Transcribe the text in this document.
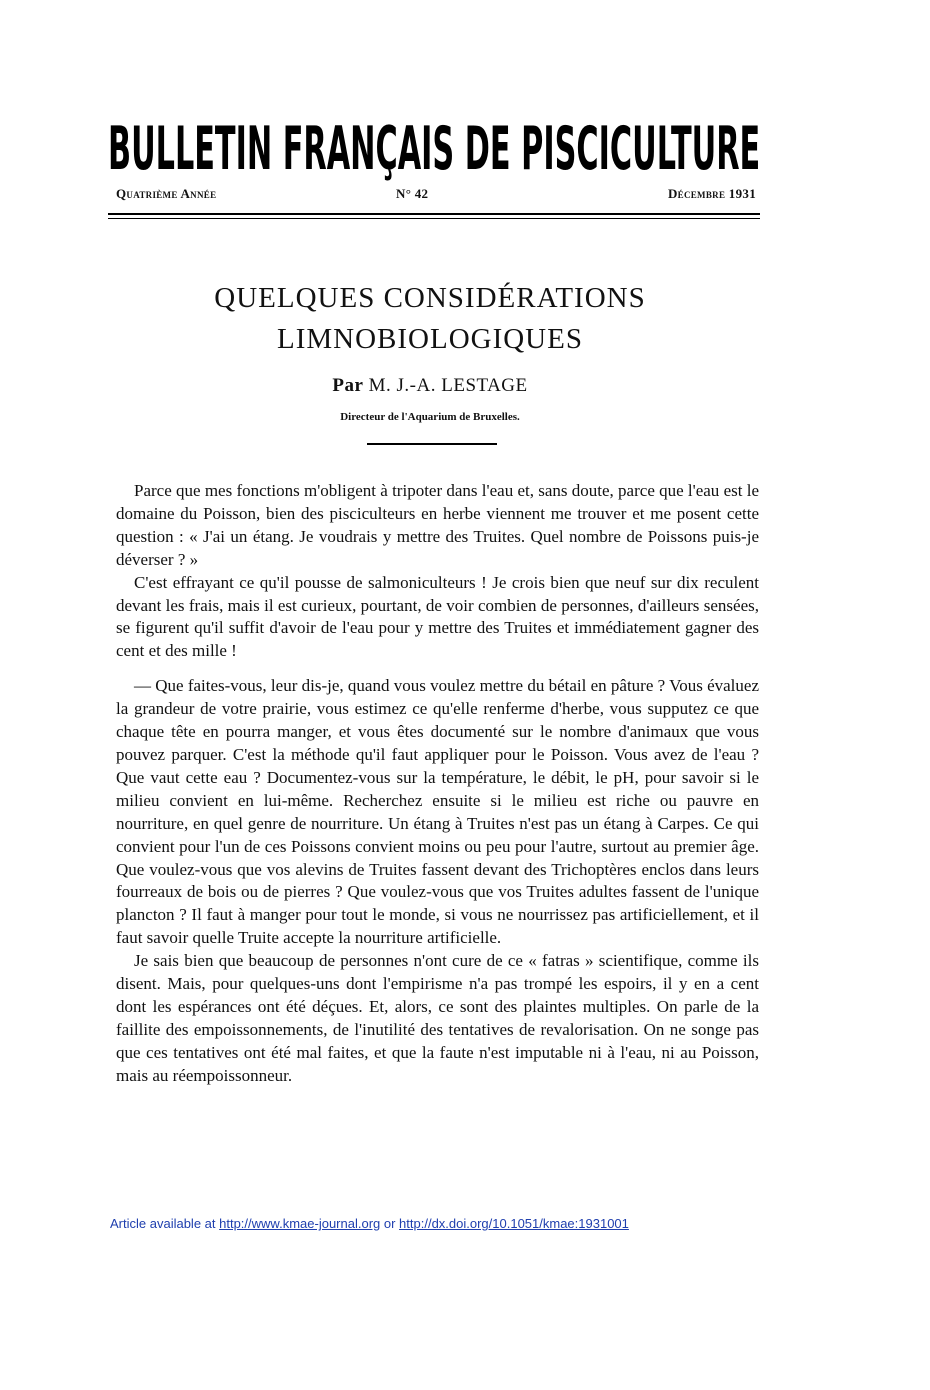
BULLETIN FRANÇAIS DE PISCICULTURE
Quatrième Année	N° 42	Décembre 1931
QUELQUES CONSIDÉRATIONS
LIMNOBIOLOGIQUES
Par M. J.-A. LESTAGE
Directeur de l'Aquarium de Bruxelles.

Parce que mes fonctions m'obligent à tripoter dans l'eau et, sans doute, parce que l'eau est le domaine du Poisson, bien des pisciculteurs en herbe viennent me trouver et me posent cette question : « J'ai un étang. Je voudrais y mettre des Truites. Quel nombre de Poissons puis-je déverser ? »

C'est effrayant ce qu'il pousse de salmoniculteurs ! Je crois bien que neuf sur dix reculent devant les frais, mais il est curieux, pourtant, de voir combien de personnes, d'ailleurs sensées, se figurent qu'il suffit d'avoir de l'eau pour y mettre des Truites et immédiatement gagner des cent et des mille !

— Que faites-vous, leur dis-je, quand vous voulez mettre du bétail en pâture ? Vous évaluez la grandeur de votre prairie, vous estimez ce qu'elle renferme d'herbe, vous supputez ce que chaque tête en pourra manger, et vous êtes documenté sur le nombre d'animaux que vous pouvez parquer. C'est la méthode qu'il faut appliquer pour le Poisson. Vous avez de l'eau ? Que vaut cette eau ? Documentez-vous sur la température, le débit, le pH, pour savoir si le milieu convient en lui-même. Recherchez ensuite si le milieu est riche ou pauvre en nourriture, en quel genre de nourriture. Un étang à Truites n'est pas un étang à Carpes. Ce qui convient pour l'un de ces Poissons convient moins ou peu pour l'autre, surtout au premier âge. Que voulez-vous que vos alevins de Truites fassent devant des Trichoptères enclos dans leurs fourreaux de bois ou de pierres ? Que voulez-vous que vos Truites adultes fassent de l'unique plancton ? Il faut à manger pour tout le monde, si vous ne nourrissez pas artificiellement, et il faut savoir quelle Truite accepte la nourriture artificielle.

Je sais bien que beaucoup de personnes n'ont cure de ce « fatras » scientifique, comme ils disent. Mais, pour quelques-uns dont l'empirisme n'a pas trompé les espoirs, il y en a cent dont les espérances ont été déçues. Et, alors, ce sont des plaintes multiples. On parle de la faillite des empoissonnements, de l'inutilité des tentatives de revalorisation. On ne songe pas que ces tentatives ont été mal faites, et que la faute n'est imputable ni à l'eau, ni au Poisson, mais au réempoissonneur.

Article available at http://www.kmae-journal.org or http://dx.doi.org/10.1051/kmae:1931001
